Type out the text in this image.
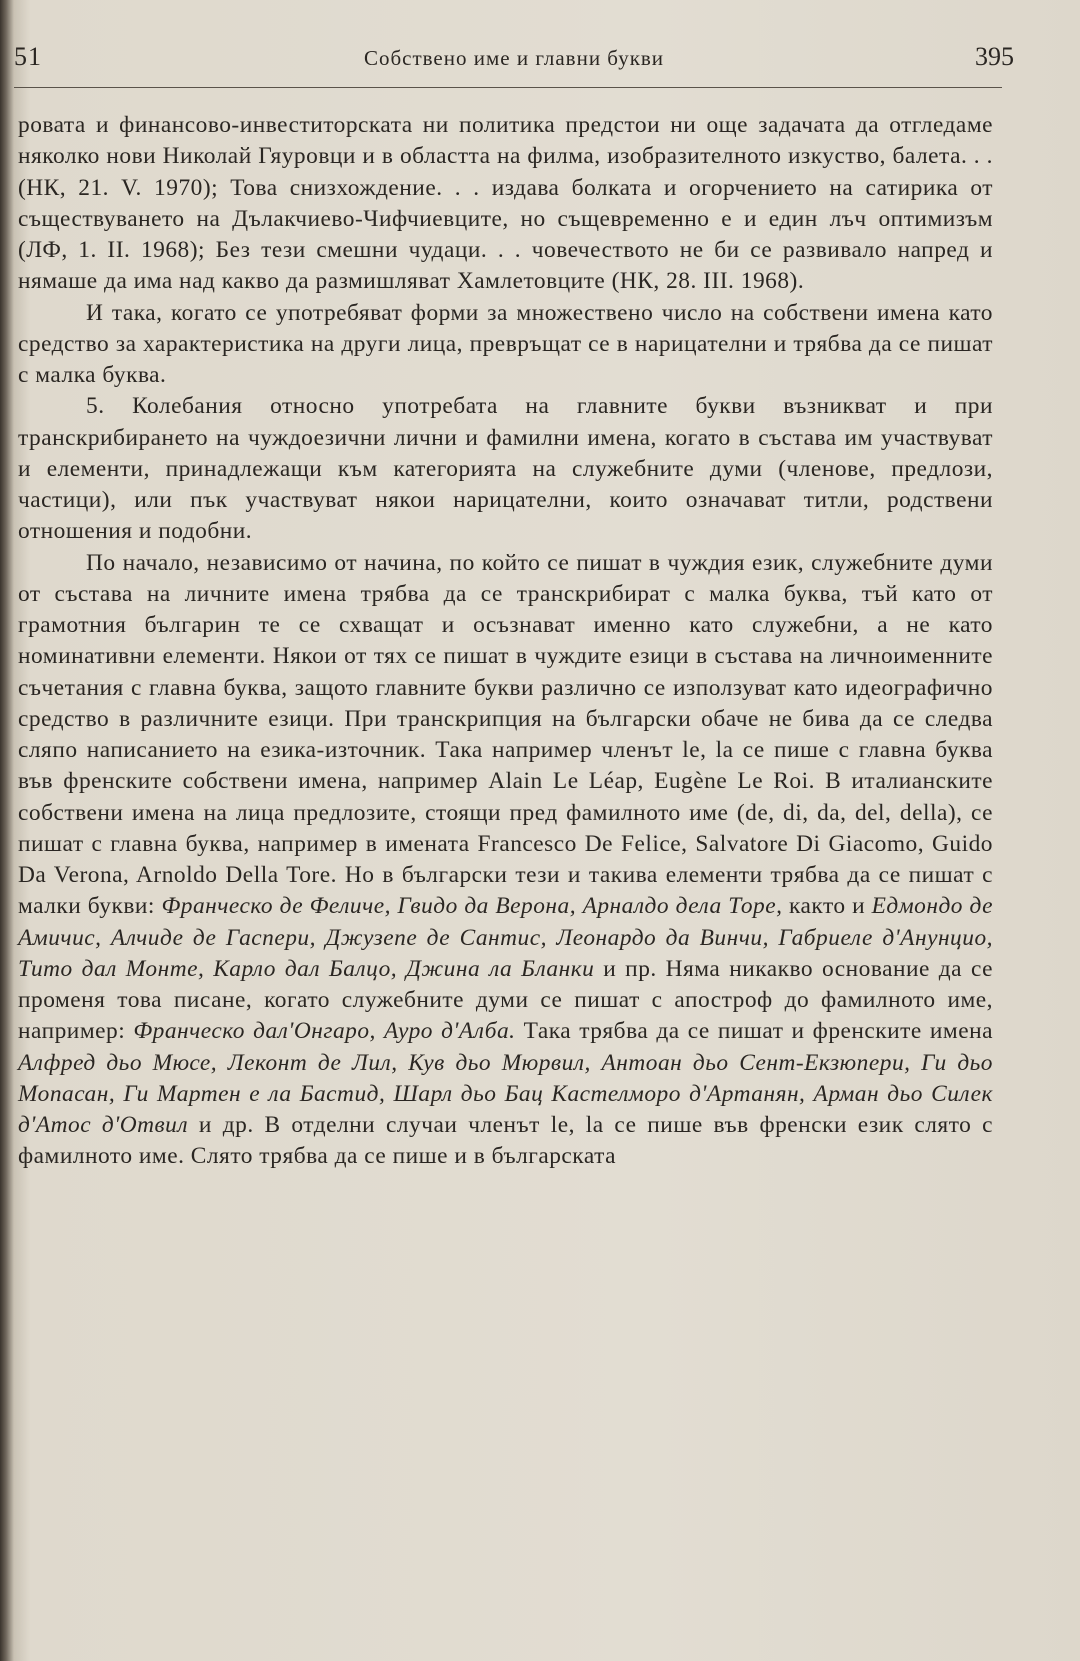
51	Собствено име и главни букви	395

ровата и финансово-инвеститорската ни политика предстои ни още задачата да отгледаме няколко нови Николай Гяуровци и в областта на филма, изобразителното изкуство, балета. . . (НК, 21. V. 1970); Това снизхождение. . . издава болката и огорчението на сатирика от съществуването на Дълакчиево-Чифчиевците, но същевременно е и един лъч оптимизъм (ЛФ, 1. II. 1968); Без тези смешни чудаци. . . човечеството не би се развивало напред и нямаше да има над какво да размишляват Хамлетовците (НК, 28. III. 1968).

И така, когато се употребяват форми за множествено число на собствени имена като средство за характеристика на други лица, превръщат се в нарицателни и трябва да се пишат с малка буква.

5. Колебания относно употребата на главните букви възникват и при транскрибирането на чуждоезични лични и фамилни имена, когато в състава им участвуват и елементи, принадлежащи към категорията на служебните думи (членове, предлози, частици), или пък участвуват някои нарицателни, които означават титли, родствени отношения и подобни.

По начало, независимо от начина, по който се пишат в чуждия език, служебните думи от състава на личните имена трябва да се транскрибират с малка буква, тъй като от грамотния българин те се схващат и осъзнават именно като служебни, а не като номинативни елементи. Някои от тях се пишат в чуждите езици в състава на личноименните съчетания с главна буква, защото главните букви различно се използуват като идеографично средство в различните езици. При транскрипция на български обаче не бива да се следва сляпо написанието на езика-източник. Така например членът le, la се пише с главна буква във френските собствени имена, например Alain Le Léap, Eugène Le Roi. В италианските собствени имена на лица предлозите, стоящи пред фамилното име (de, di, da, del, della), се пишат с главна буква, например в имената Francesco De Felice, Salvatore Di Giacomo, Guido Da Verona, Arnoldo Della Tore. Но в български тези и такива елементи трябва да се пишат с малки букви: Франческо де Феличе, Гвидо да Верона, Арналдо дела Торе, както и Едмондо де Амичис, Алчиде де Гаспери, Джузепе де Сантис, Леонардо да Винчи, Габриеле д'Анунцио, Тито дал Монте, Карло дал Балцо, Джина ла Бланки и пр. Няма никакво основание да се променя това писане, когато служебните думи се пишат с апостроф до фамилното име, например: Франческо дал'Онгаро, Ауро д'Алба. Така трябва да се пишат и френските имена Алфред дьо Мюсе, Леконт де Лил, Кув дьо Мюрвил, Антоан дьо Сент-Екзюпери, Ги дьо Мопасан, Ги Мартен е ла Бастид, Шарл дьо Бац Кастелморо д'Артанян, Арман дьо Силек д'Атос д'Отвил и др. В отделни случаи членът le, la се пише във френски език слято с фамилното име. Слято трябва да се пише и в българската
